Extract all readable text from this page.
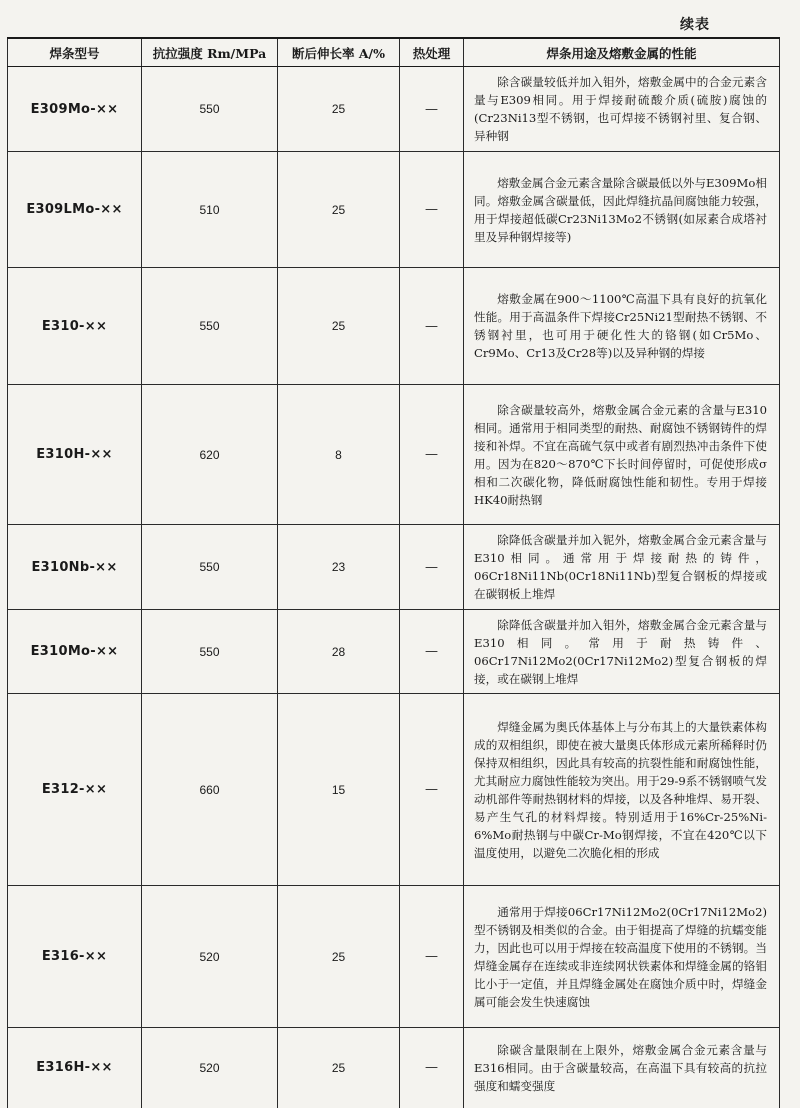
续表
焊条型号	抗拉强度 Rm/MPa	断后伸长率 A/%	热处理	焊条用途及熔敷金属的性能
E309Mo-××	550	25	—	除含碳量较低并加入钼外，熔敷金属中的合金元素含量与E309相同。用于焊接耐硫酸介质(硫胺)腐蚀的(Cr23Ni13型不锈钢，也可焊接不锈钢衬里、复合钢、异种钢

E309LMo-××	510	25	—	熔敷金属合金元素含量除含碳最低以外与E309Mo相同。熔敷金属含碳量低，因此焊缝抗晶间腐蚀能力较强，用于焊接超低碳Cr23Ni13Mo2不锈钢(如尿素合成塔衬里及异种钢焊接等)

E310-××	550	25	—	熔敷金属在900～1100℃高温下具有良好的抗氧化性能。用于高温条件下焊接Cr25Ni21型耐热不锈钢、不锈钢衬里，也可用于硬化性大的铬钢(如Cr5Mo、Cr9Mo、Cr13及Cr28等)以及异种钢的焊接

E310H-××	620	8	—	除含碳量较高外，熔敷金属合金元素的含量与E310相同。通常用于相同类型的耐热、耐腐蚀不锈钢铸件的焊接和补焊。不宜在高硫气氛中或者有剧烈热冲击条件下使用。因为在820～870℃下长时间停留时，可促使形成σ相和二次碳化物，降低耐腐蚀性能和韧性。专用于焊接HK40耐热钢

E310Nb-××	550	23	—	除降低含碳量并加入铌外，熔敷金属合金元素含量与E310相同。通常用于焊接耐热的铸件，06Cr18Ni11Nb(0Cr18Ni11Nb)型复合钢板的焊接或在碳钢板上堆焊

E310Mo-××	550	28	—	除降低含碳量并加入钼外，熔敷金属合金元素含量与E310相同。常用于耐热铸件、06Cr17Ni12Mo2(0Cr17Ni12Mo2)型复合钢板的焊接，或在碳钢上堆焊

E312-××	660	15	—	焊缝金属为奥氏体基体上与分布其上的大量铁素体构成的双相组织，即使在被大量奥氏体形成元素所稀释时仍保持双相组织，因此具有较高的抗裂性能和耐腐蚀性能，尤其耐应力腐蚀性能较为突出。用于29-9系不锈钢喷气发动机部件等耐热钢材料的焊接，以及各种堆焊、易开裂、易产生气孔的材料焊接。特别适用于16%Cr-25%Ni-6%Mo耐热钢与中碳Cr-Mo钢焊接，不宜在420℃以下温度使用，以避免二次脆化相的形成

E316-××	520	25	—	通常用于焊接06Cr17Ni12Mo2(0Cr17Ni12Mo2)型不锈钢及相类似的合金。由于钼提高了焊缝的抗蠕变能力，因此也可以用于焊接在较高温度下使用的不锈钢。当焊缝金属存在连续或非连续网状铁素体和焊缝金属的铬钼比小于一定值，并且焊缝金属处在腐蚀介质中时，焊缝金属可能会发生快速腐蚀

E316H-××	520	25	—	除碳含量限制在上限外，熔敷金属合金元素含量与E316相同。由于含碳量较高，在高温下具有较高的抗拉强度和蠕变强度
